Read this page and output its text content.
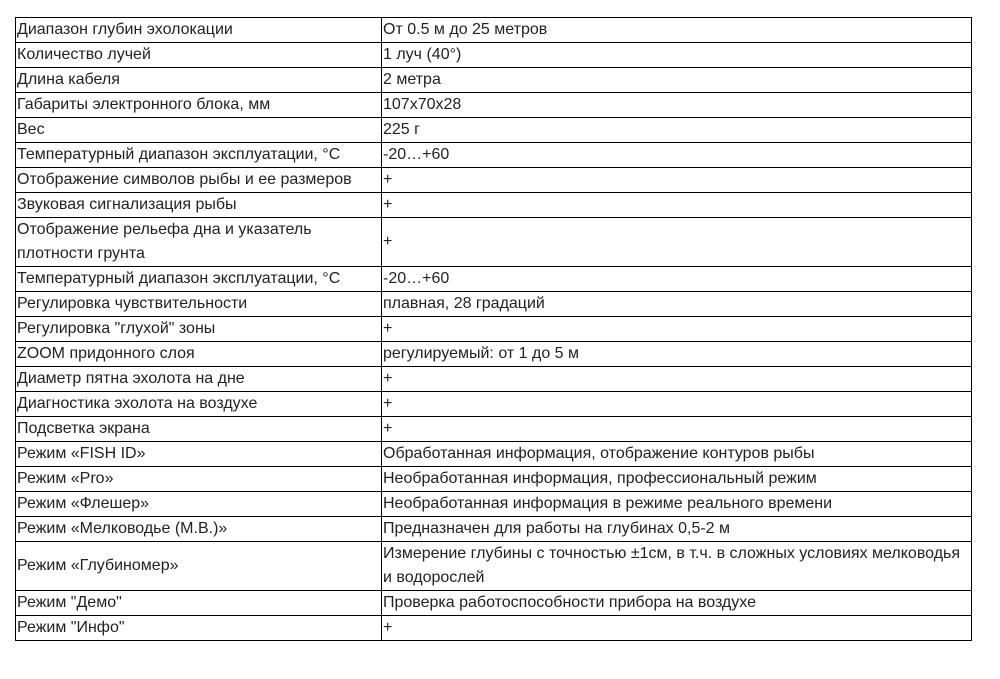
Диапазон глубин эхолокации	От 0.5 м до 25 метров
Количество лучей	1 луч (40°)
Длина кабеля	2 метра
Габариты электронного блока, мм	107x70x28
Вес	225 г
Температурный диапазон эксплуатации, °С	-20…+60
Отображение символов рыбы и ее размеров	+
Звуковая сигнализация рыбы	+
Отображение рельефа дна и указатель плотности грунта	+
Температурный диапазон эксплуатации, °С	-20…+60
Регулировка чувствительности	плавная, 28 градаций
Регулировка "глухой" зоны	+
ZOOM придонного слоя	регулируемый: от 1 до 5 м
Диаметр пятна эхолота на дне	+
Диагностика эхолота на воздухе	+
Подсветка экрана	+
Режим «FISH ID»	Обработанная информация, отображение контуров рыбы
Режим «Pro»	Необработанная информация, профессиональный режим
Режим «Флешер»	Необработанная информация в режиме реального времени
Режим «Мелководье (М.В.)»	Предназначен для работы на глубинах 0,5-2 м
Режим «Глубиномер»	Измерение глубины с точностью ±1см, в т.ч. в сложных условиях мелководья и водорослей
Режим "Демо"	Проверка работоспособности прибора на воздухе
Режим "Инфо"	+
